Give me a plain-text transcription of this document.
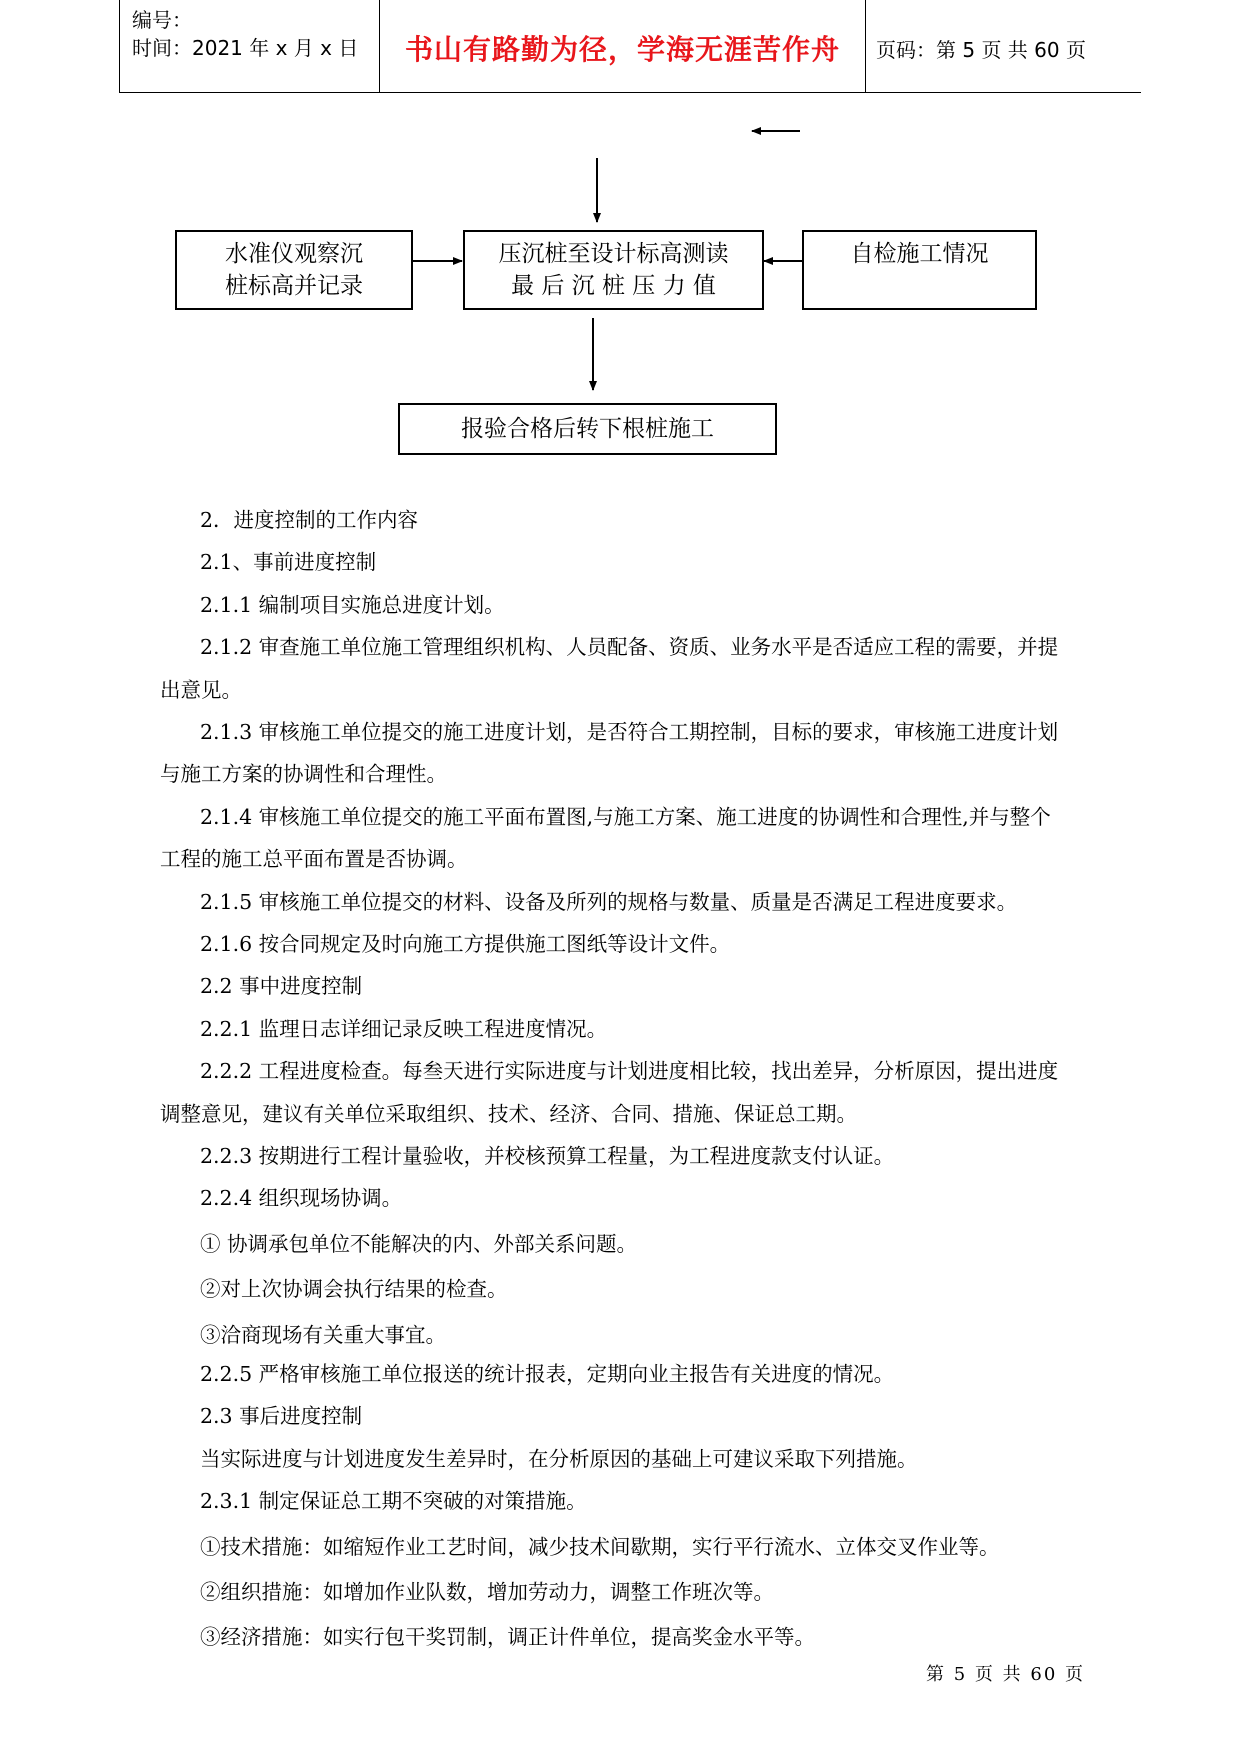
编号：
时间：2021 年 x 月 x 日	书山有路勤为径，学海无涯苦作舟	页码：第 5 页 共 60 页
水准仪观察沉
桩标高并记录
压沉桩至设计标高测读
最 后 沉 桩 压 力 值
自检施工情况
报验合格后转下根桩施工
2．进度控制的工作内容
2.1、事前进度控制
2.1.1 编制项目实施总进度计划。
2.1.2 审查施工单位施工管理组织机构、人员配备、资质、业务水平是否适应工程的需要，并提
出意见。
2.1.3 审核施工单位提交的施工进度计划，是否符合工期控制，目标的要求，审核施工进度计划
与施工方案的协调性和合理性。
2.1.4 审核施工单位提交的施工平面布置图,与施工方案、施工进度的协调性和合理性,并与整个
工程的施工总平面布置是否协调。
2.1.5 审核施工单位提交的材料、设备及所列的规格与数量、质量是否满足工程进度要求。
2.1.6 按合同规定及时向施工方提供施工图纸等设计文件。
2.2 事中进度控制
2.2.1 监理日志详细记录反映工程进度情况。
2.2.2 工程进度检查。每叁天进行实际进度与计划进度相比较，找出差异，分析原因，提出进度
调整意见，建议有关单位采取组织、技术、经济、合同、措施、保证总工期。
2.2.3 按期进行工程计量验收，并校核预算工程量，为工程进度款支付认证。
2.2.4 组织现场协调。
① 协调承包单位不能解决的内、外部关系问题。
②对上次协调会执行结果的检查。
③洽商现场有关重大事宜。
2.2.5 严格审核施工单位报送的统计报表，定期向业主报告有关进度的情况。
2.3 事后进度控制
当实际进度与计划进度发生差异时，在分析原因的基础上可建议采取下列措施。
2.3.1 制定保证总工期不突破的对策措施。
①技术措施：如缩短作业工艺时间，减少技术间歇期，实行平行流水、立体交叉作业等。
②组织措施：如增加作业队数，增加劳动力，调整工作班次等。
③经济措施：如实行包干奖罚制，调正计件单位，提高奖金水平等。
第 5 页 共 60 页
